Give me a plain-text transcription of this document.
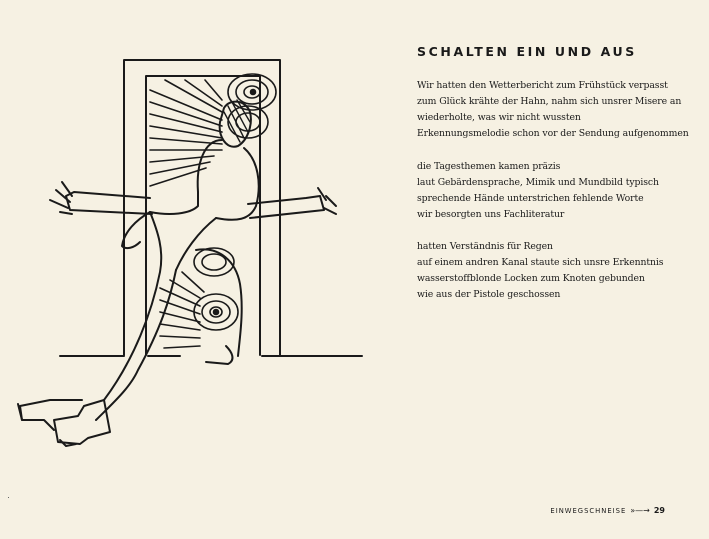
SCHALTEN EIN UND AUS
Wir hatten den Wetterbericht zum Frühstück verpasst
zum Glück krähte der Hahn, nahm sich unsrer Misere an
wiederholte, was wir nicht wussten
Erkennungsmelodie schon vor der Sendung aufgenommen
die Tagesthemen kamen präzis
laut Gebärdensprache, Mimik und Mundbild typisch
sprechende Hände unterstrichen fehlende Worte
wir besorgten uns Fachliteratur
hatten Verständnis für Regen
auf einem andren Kanal staute sich unsre Erkenntnis
wasserstoffblonde Locken zum Knoten gebunden
wie aus der Pistole geschossen
EINWEGSCHNEISE »—→ 29
